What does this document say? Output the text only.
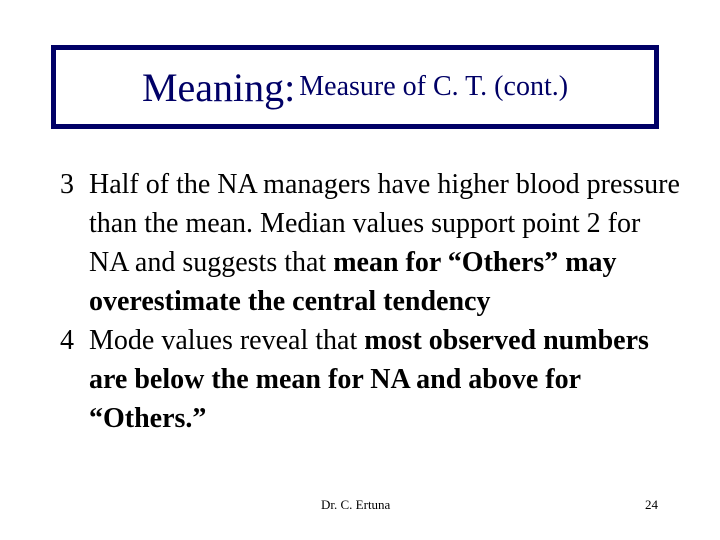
Meaning:
Measure of C. T. (cont.)
3 Half of the NA managers have higher blood pressure than the mean. Median values support point 2 for NA and suggests that mean for “Others” may overestimate the central tendency
4 Mode values reveal that most observed numbers are below the mean for NA and above for “Others.”
Dr. C. Ertuna	24
